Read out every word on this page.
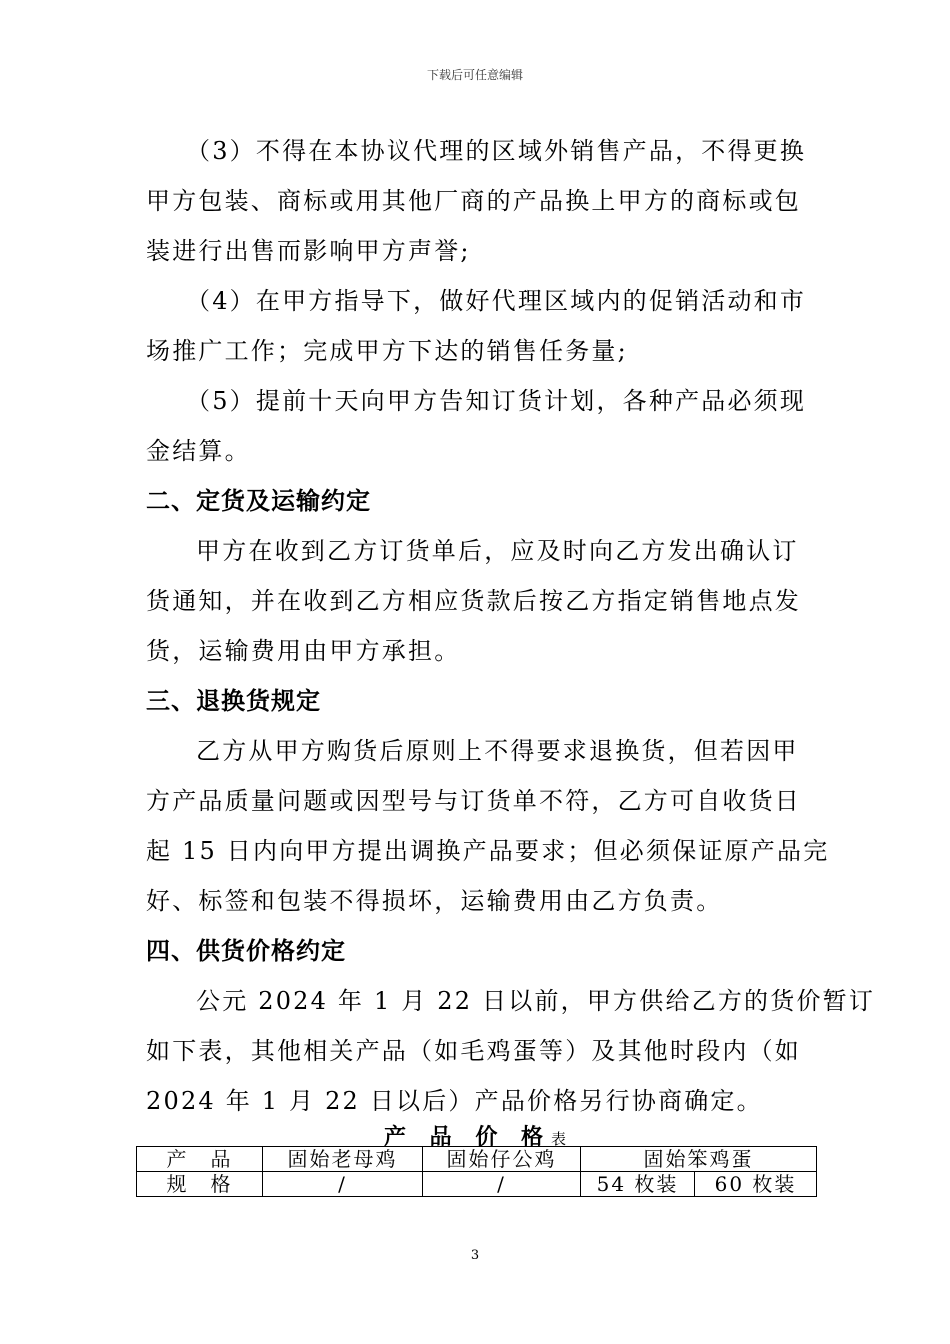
下载后可任意编辑
（3）不得在本协议代理的区域外销售产品，不得更换
甲方包装、商标或用其他厂商的产品换上甲方的商标或包
装进行出售而影响甲方声誉;
（4）在甲方指导下，做好代理区域内的促销活动和市
场推广工作；完成甲方下达的销售任务量;
（5）提前十天向甲方告知订货计划，各种产品必须现
金结算。
二、定货及运输约定
甲方在收到乙方订货单后，应及时向乙方发出确认订
货通知，并在收到乙方相应货款后按乙方指定销售地点发
货，运输费用由甲方承担。
三、退换货规定
乙方从甲方购货后原则上不得要求退换货，但若因甲
方产品质量问题或因型号与订货单不符，乙方可自收货日
起 15 日内向甲方提出调换产品要求；但必须保证原产品完
好、标签和包装不得损坏，运输费用由乙方负责。
四、供货价格约定
公元 2024 年 1 月 22 日以前，甲方供给乙方的货价暂订
如下表，其他相关产品（如毛鸡蛋等）及其他时段内（如
2024 年 1 月 22 日以后）产品价格另行协商确定。
产 品 价 格表
产　品	固始老母鸡	固始仔公鸡	固始笨鸡蛋	
规　格	/	/	54 枚装	60 枚装
3
